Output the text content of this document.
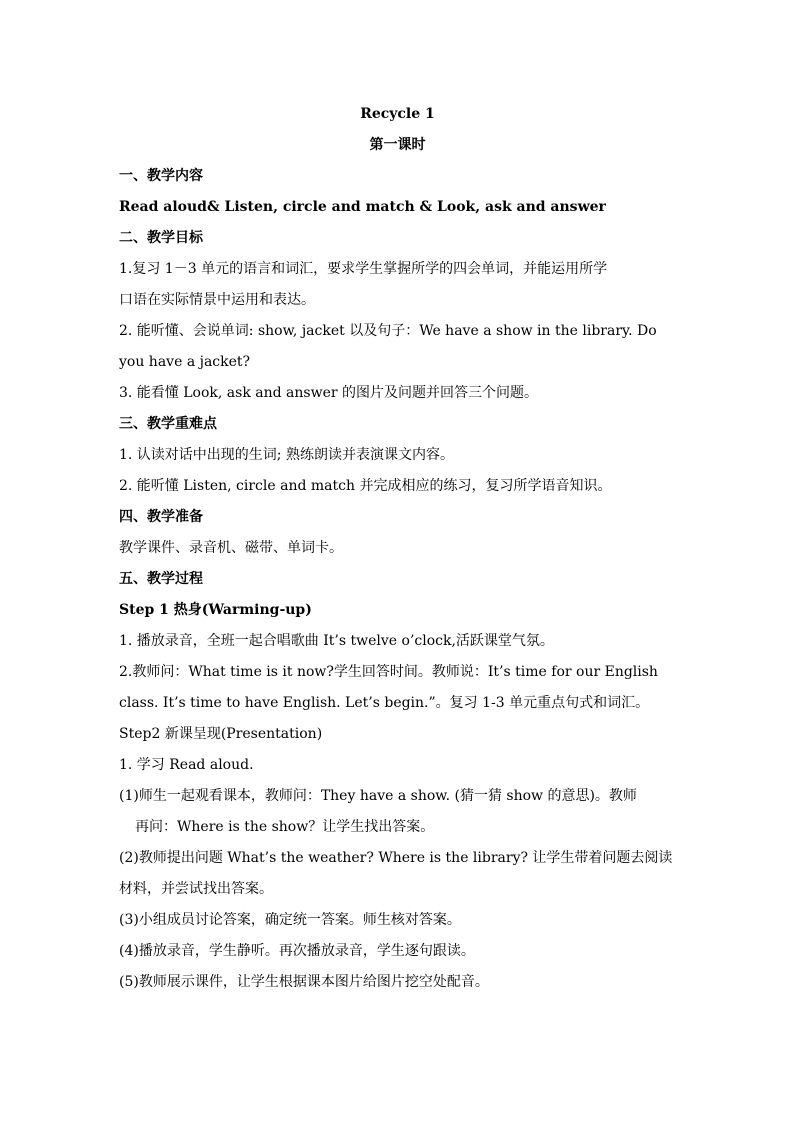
Recycle 1
第一课时
一、教学内容
Read aloud& Listen, circle and match & Look, ask and answer
二、教学目标
1.复习 1－3 单元的语言和词汇，要求学生掌握所学的四会单词，并能运用所学
口语在实际情景中运用和表达。
2. 能听懂、会说单词: show, jacket 以及句子：We have a show in the library. Do
you have a jacket?
3. 能看懂 Look, ask and answer 的图片及问题并回答三个问题。
三、教学重难点
1. 认读对话中出现的生词; 熟练朗读并表演课文内容。
2. 能听懂 Listen, circle and match 并完成相应的练习，复习所学语音知识。
四、教学准备
教学课件、录音机、磁带、单词卡。
五、教学过程
Step 1 热身(Warming-up)
1. 播放录音，全班一起合唱歌曲 It’s twelve o’clock,活跃课堂气氛。
2.教师问：What time is it now?学生回答时间。教师说：It’s time for our English
class. It’s time to have English. Let’s begin.”。复习 1-3 单元重点句式和词汇。
Step2 新课呈现(Presentation)
1. 学习 Read aloud.
(1)师生一起观看课本，教师问：They have a show. (猜一猜 show 的意思)。教师
再问：Where is the show？让学生找出答案。
(2)教师提出问题 What’s the weather? Where is the library? 让学生带着问题去阅读
材料，并尝试找出答案。
(3)小组成员讨论答案，确定统一答案。师生核对答案。
(4)播放录音，学生静听。再次播放录音，学生逐句跟读。
(5)教师展示课件，让学生根据课本图片给图片挖空处配音。
